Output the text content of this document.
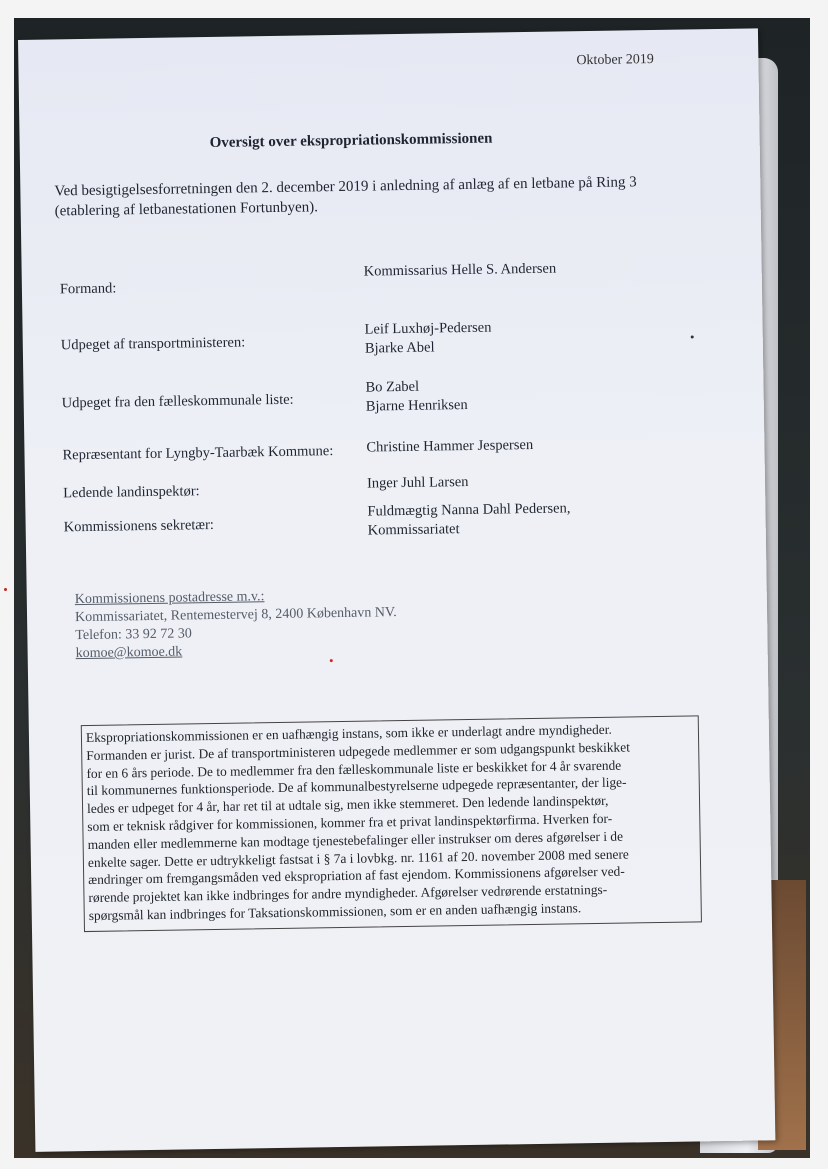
Oktober 2019
Oversigt over ekspropriationskommissionen
Ved besigtigelsesforretningen den 2. december 2019 i anledning af anlæg af en letbane på Ring 3
(etablering af letbanestationen Fortunbyen).
Formand:
Kommissarius Helle S. Andersen
Udpeget af transportministeren:
Leif Luxhøj-Pedersen
Bjarke Abel
Udpeget fra den fælleskommunale liste:
Bo Zabel
Bjarne Henriksen
Repræsentant for Lyngby-Taarbæk Kommune: Christine Hammer Jespersen
Ledende landinspektør:
Inger Juhl Larsen
Kommissionens sekretær:
Fuldmægtig Nanna Dahl Pedersen,
Kommissariatet
Kommissionens postadresse m.v.:
Kommissariatet, Rentemestervej 8, 2400 København NV.
Telefon: 33 92 72 30
komoe@komoe.dk
Ekspropriationskommissionen er en uafhængig instans, som ikke er underlagt andre myndigheder.
Formanden er jurist. De af transportministeren udpegede medlemmer er som udgangspunkt beskikket
for en 6 års periode. De to medlemmer fra den fælleskommunale liste er beskikket for 4 år svarende
til kommunernes funktionsperiode. De af kommunalbestyrelserne udpegede repræsentanter, der lige-
ledes er udpeget for 4 år, har ret til at udtale sig, men ikke stemmeret. Den ledende landinspektør,
som er teknisk rådgiver for kommissionen, kommer fra et privat landinspektørfirma. Hverken for-
manden eller medlemmerne kan modtage tjenestebefalinger eller instrukser om deres afgørelser i de
enkelte sager. Dette er udtrykkeligt fastsat i § 7a i lovbkg. nr. 1161 af 20. november 2008 med senere
ændringer om fremgangsmåden ved ekspropriation af fast ejendom. Kommissionens afgørelser ved-
rørende projektet kan ikke indbringes for andre myndigheder. Afgørelser vedrørende erstatnings-
spørgsmål kan indbringes for Taksationskommissionen, som er en anden uafhængig instans.
